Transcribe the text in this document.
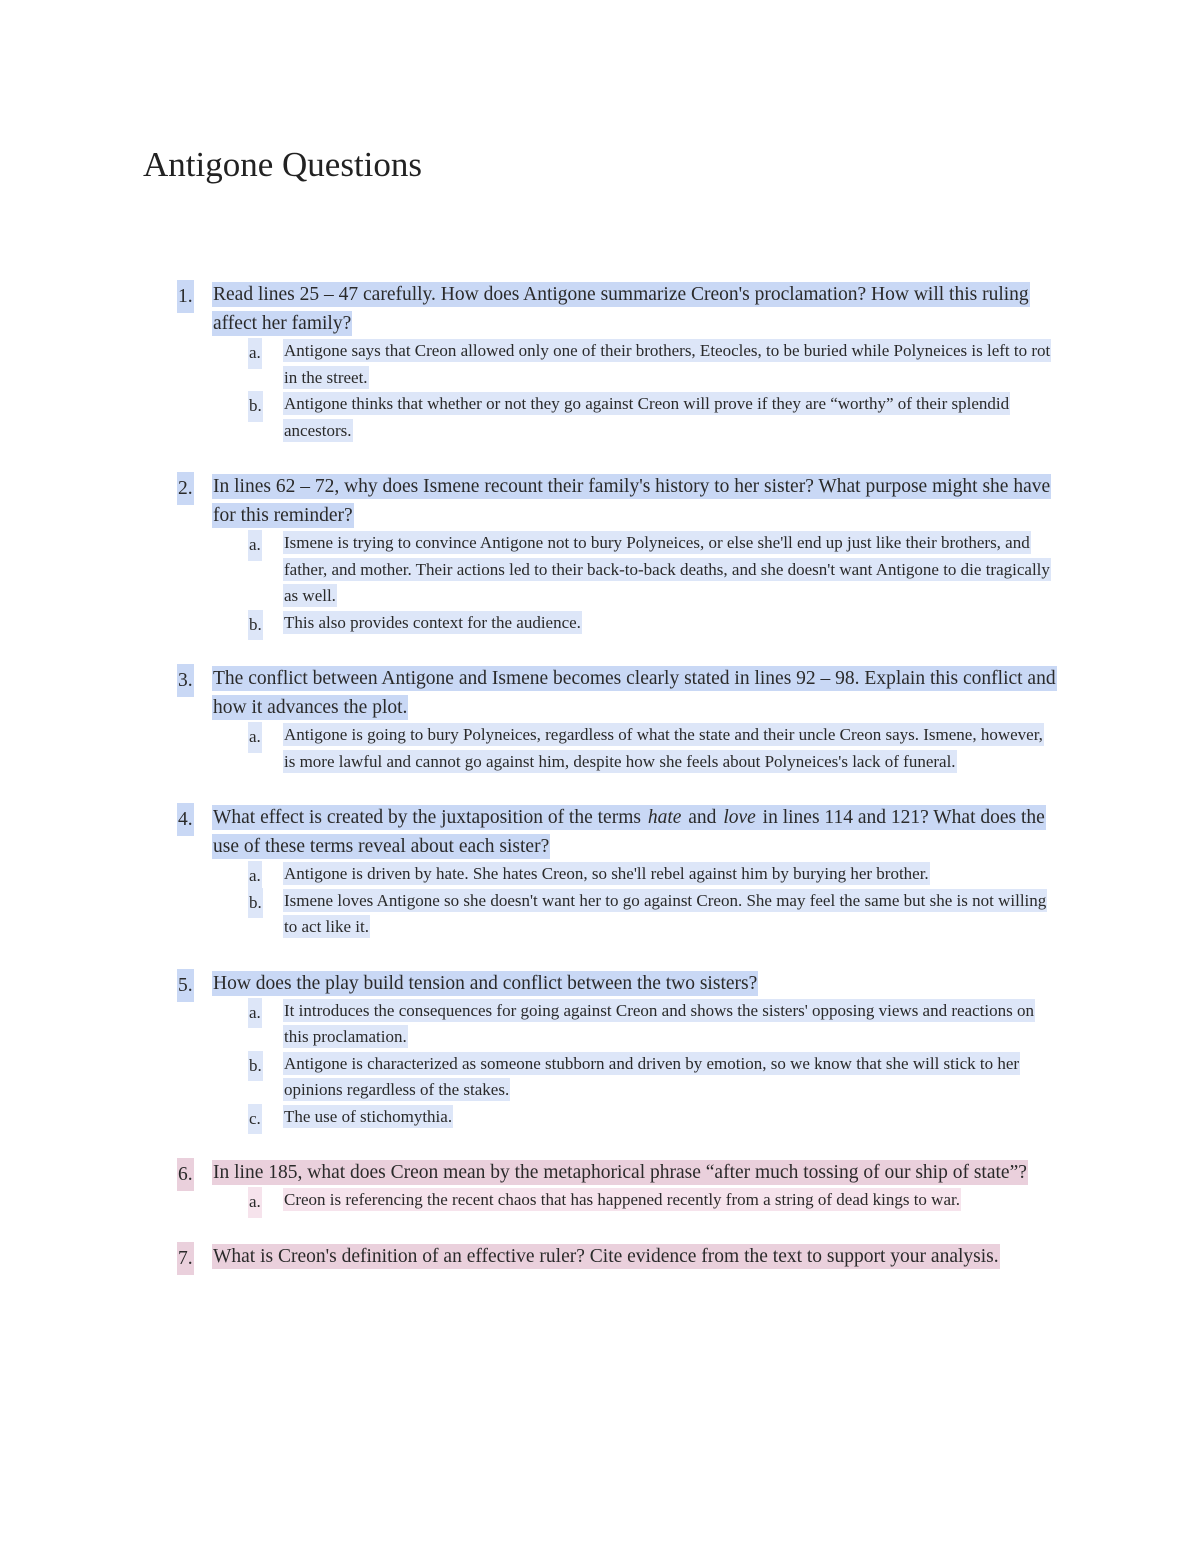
Antigone Questions
1. Read lines 25 – 47 carefully. How does Antigone summarize Creon's proclamation? How will this ruling affect her family?
a. Antigone says that Creon allowed only one of their brothers, Eteocles, to be buried while Polyneices is left to rot in the street.
b. Antigone thinks that whether or not they go against Creon will prove if they are “worthy” of their splendid ancestors.
2. In lines 62 – 72, why does Ismene recount their family's history to her sister? What purpose might she have for this reminder?
a. Ismene is trying to convince Antigone not to bury Polyneices, or else she'll end up just like their brothers, and father, and mother. Their actions led to their back-to-back deaths, and she doesn't want Antigone to die tragically as well.
b. This also provides context for the audience.
3. The conflict between Antigone and Ismene becomes clearly stated in lines 92 – 98. Explain this conflict and how it advances the plot.
a. Antigone is going to bury Polyneices, regardless of what the state and their uncle Creon says. Ismene, however, is more lawful and cannot go against him, despite how she feels about Polyneices's lack of funeral.
4. What effect is created by the juxtaposition of the terms hate and love in lines 114 and 121? What does the use of these terms reveal about each sister?
a. Antigone is driven by hate. She hates Creon, so she'll rebel against him by burying her brother.
b. Ismene loves Antigone so she doesn't want her to go against Creon. She may feel the same but she is not willing to act like it.
5. How does the play build tension and conflict between the two sisters?
a. It introduces the consequences for going against Creon and shows the sisters' opposing views and reactions on this proclamation.
b. Antigone is characterized as someone stubborn and driven by emotion, so we know that she will stick to her opinions regardless of the stakes.
c. The use of stichomythia.
6. In line 185, what does Creon mean by the metaphorical phrase “after much tossing of our ship of state”?
a. Creon is referencing the recent chaos that has happened recently from a string of dead kings to war.
7. What is Creon's definition of an effective ruler? Cite evidence from the text to support your analysis.
